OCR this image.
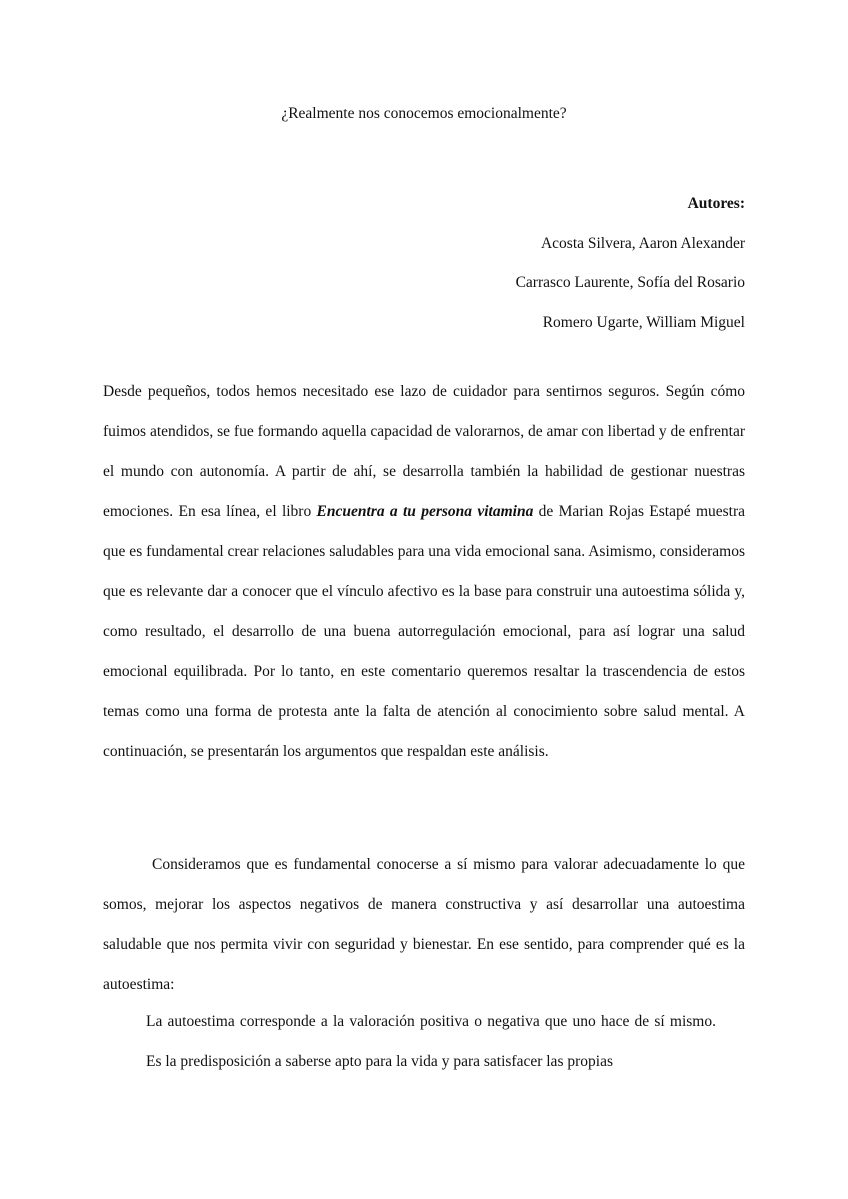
¿Realmente nos conocemos emocionalmente?
Autores:
Acosta Silvera, Aaron Alexander
Carrasco Laurente, Sofía del Rosario
Romero Ugarte, William Miguel

Desde pequeños, todos hemos necesitado ese lazo de cuidador para sentirnos seguros. Según cómo fuimos atendidos, se fue formando aquella capacidad de valorarnos, de amar con libertad y de enfrentar el mundo con autonomía. A partir de ahí, se desarrolla también la habilidad de gestionar nuestras emociones. En esa línea, el libro Encuentra a tu persona vitamina de Marian Rojas Estapé muestra que es fundamental crear relaciones saludables para una vida emocional sana. Asimismo, consideramos que es relevante dar a conocer que el vínculo afectivo es la base para construir una autoestima sólida y, como resultado, el desarrollo de una buena autorregulación emocional, para así lograr una salud emocional equilibrada. Por lo tanto, en este comentario queremos resaltar la trascendencia de estos temas como una forma de protesta ante la falta de atención al conocimiento sobre salud mental. A continuación, se presentarán los argumentos que respaldan este análisis.

Consideramos que es fundamental conocerse a sí mismo para valorar adecuadamente lo que somos, mejorar los aspectos negativos de manera constructiva y así desarrollar una autoestima saludable que nos permita vivir con seguridad y bienestar. En ese sentido, para comprender qué es la autoestima:

La autoestima corresponde a la valoración positiva o negativa que uno hace de sí mismo. Es la predisposición a saberse apto para la vida y para satisfacer las propias
